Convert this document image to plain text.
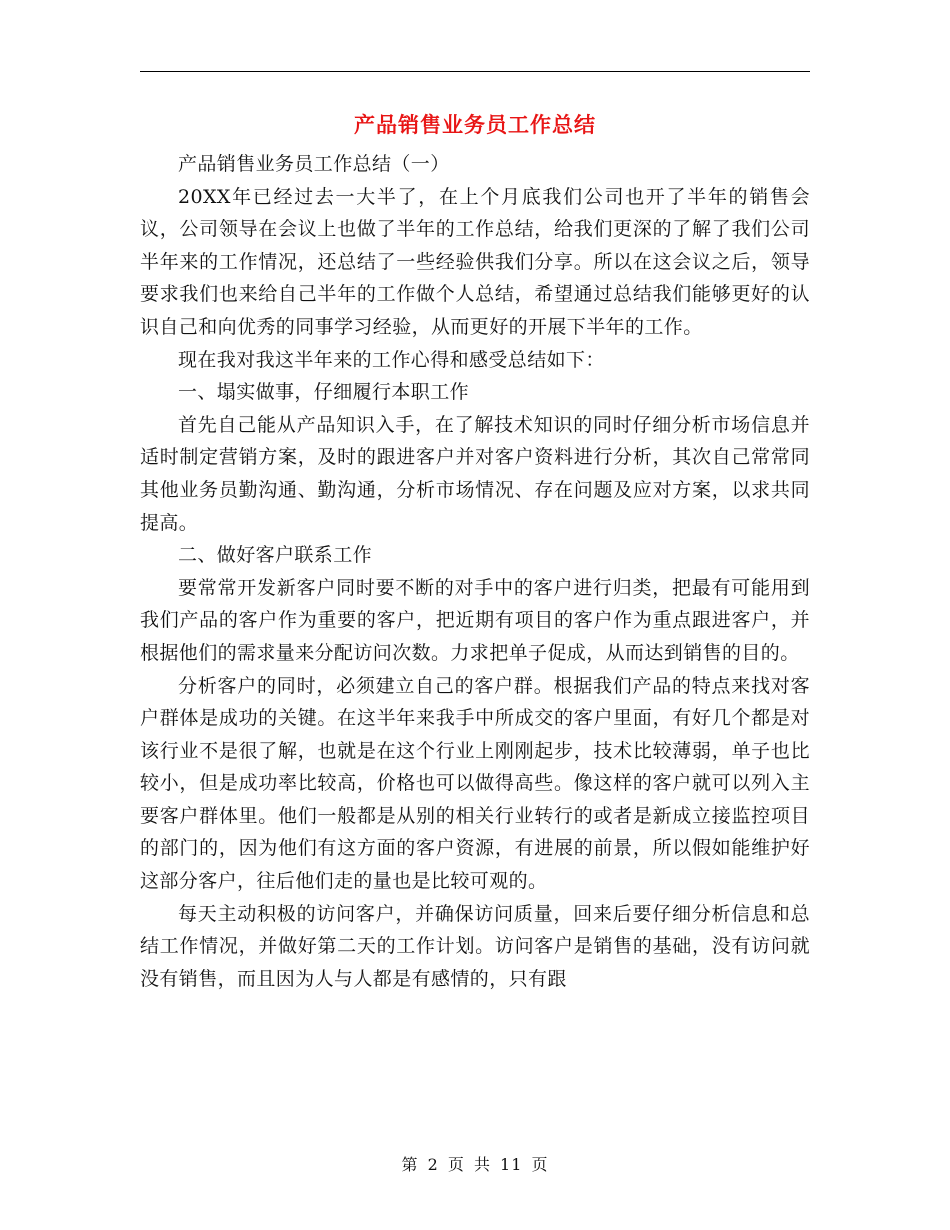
产品销售业务员工作总结

产品销售业务员工作总结（一）

20XX年已经过去一大半了，在上个月底我们公司也开了半年的销售会议，公司领导在会议上也做了半年的工作总结，给我们更深的了解了我们公司半年来的工作情况，还总结了一些经验供我们分享。所以在这会议之后，领导要求我们也来给自己半年的工作做个人总结，希望通过总结我们能够更好的认识自己和向优秀的同事学习经验，从而更好的开展下半年的工作。

现在我对我这半年来的工作心得和感受总结如下：

一、塌实做事，仔细履行本职工作

首先自己能从产品知识入手，在了解技术知识的同时仔细分析市场信息并适时制定营销方案，及时的跟进客户并对客户资料进行分析，其次自己常常同其他业务员勤沟通、勤沟通，分析市场情况、存在问题及应对方案，以求共同提高。

二、做好客户联系工作

要常常开发新客户同时要不断的对手中的客户进行归类，把最有可能用到我们产品的客户作为重要的客户，把近期有项目的客户作为重点跟进客户，并根据他们的需求量来分配访问次数。力求把单子促成，从而达到销售的目的。

分析客户的同时，必须建立自己的客户群。根据我们产品的特点来找对客户群体是成功的关键。在这半年来我手中所成交的客户里面，有好几个都是对该行业不是很了解，也就是在这个行业上刚刚起步，技术比较薄弱，单子也比较小，但是成功率比较高，价格也可以做得高些。像这样的客户就可以列入主要客户群体里。他们一般都是从别的相关行业转行的或者是新成立接监控项目的部门的，因为他们有这方面的客户资源，有进展的前景，所以假如能维护好这部分客户，往后他们走的量也是比较可观的。

每天主动积极的访问客户，并确保访问质量，回来后要仔细分析信息和总结工作情况，并做好第二天的工作计划。访问客户是销售的基础，没有访问就没有销售，而且因为人与人都是有感情的，只有跟

第 2 页 共 11 页
